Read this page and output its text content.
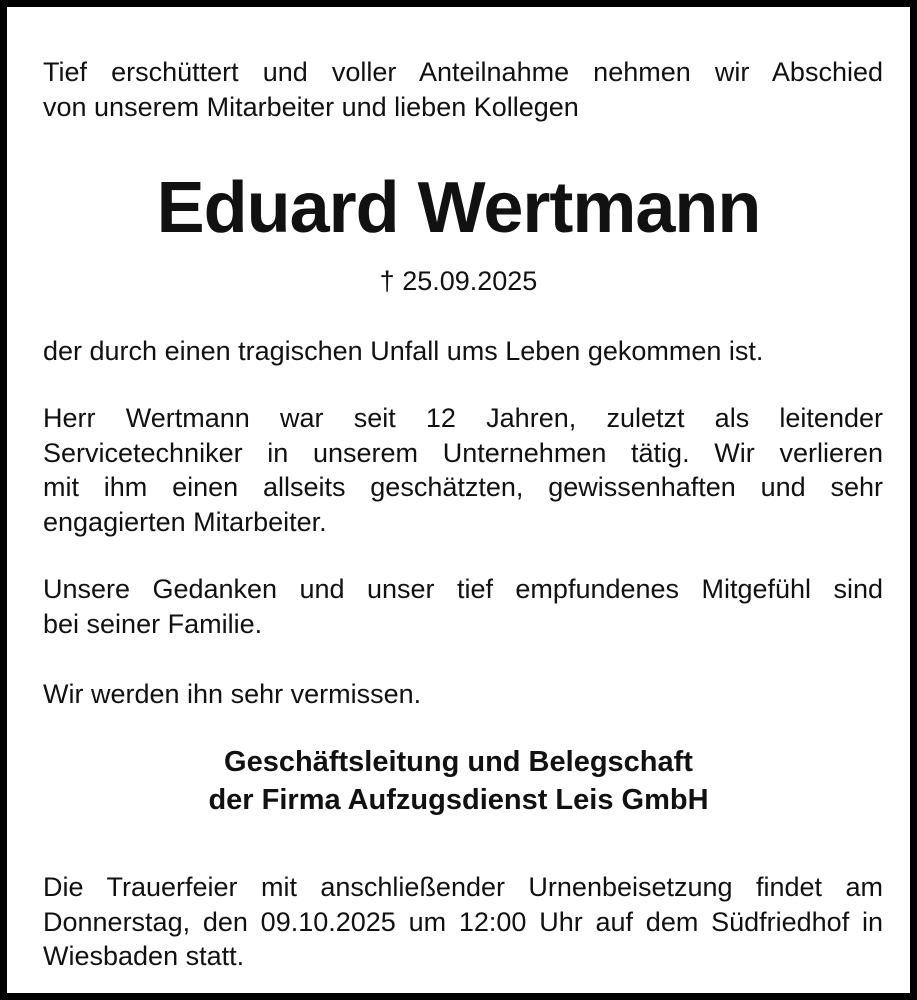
Tief erschüttert und voller Anteilnahme nehmen wir Abschied
von unserem Mitarbeiter und lieben Kollegen

Eduard Wertmann

† 25.09.2025

der durch einen tragischen Unfall ums Leben gekommen ist.

Herr Wertmann war seit 12 Jahren, zuletzt als leitender
Servicetechniker in unserem Unternehmen tätig. Wir verlieren
mit ihm einen allseits geschätzten, gewissenhaften und sehr
engagierten Mitarbeiter.

Unsere Gedanken und unser tief empfundenes Mitgefühl sind
bei seiner Familie.

Wir werden ihn sehr vermissen.

Geschäftsleitung und Belegschaft
der Firma Aufzugsdienst Leis GmbH

Die Trauerfeier mit anschließender Urnenbeisetzung findet am
Donnerstag, den 09.10.2025 um 12:00 Uhr auf dem Südfriedhof in
Wiesbaden statt.
